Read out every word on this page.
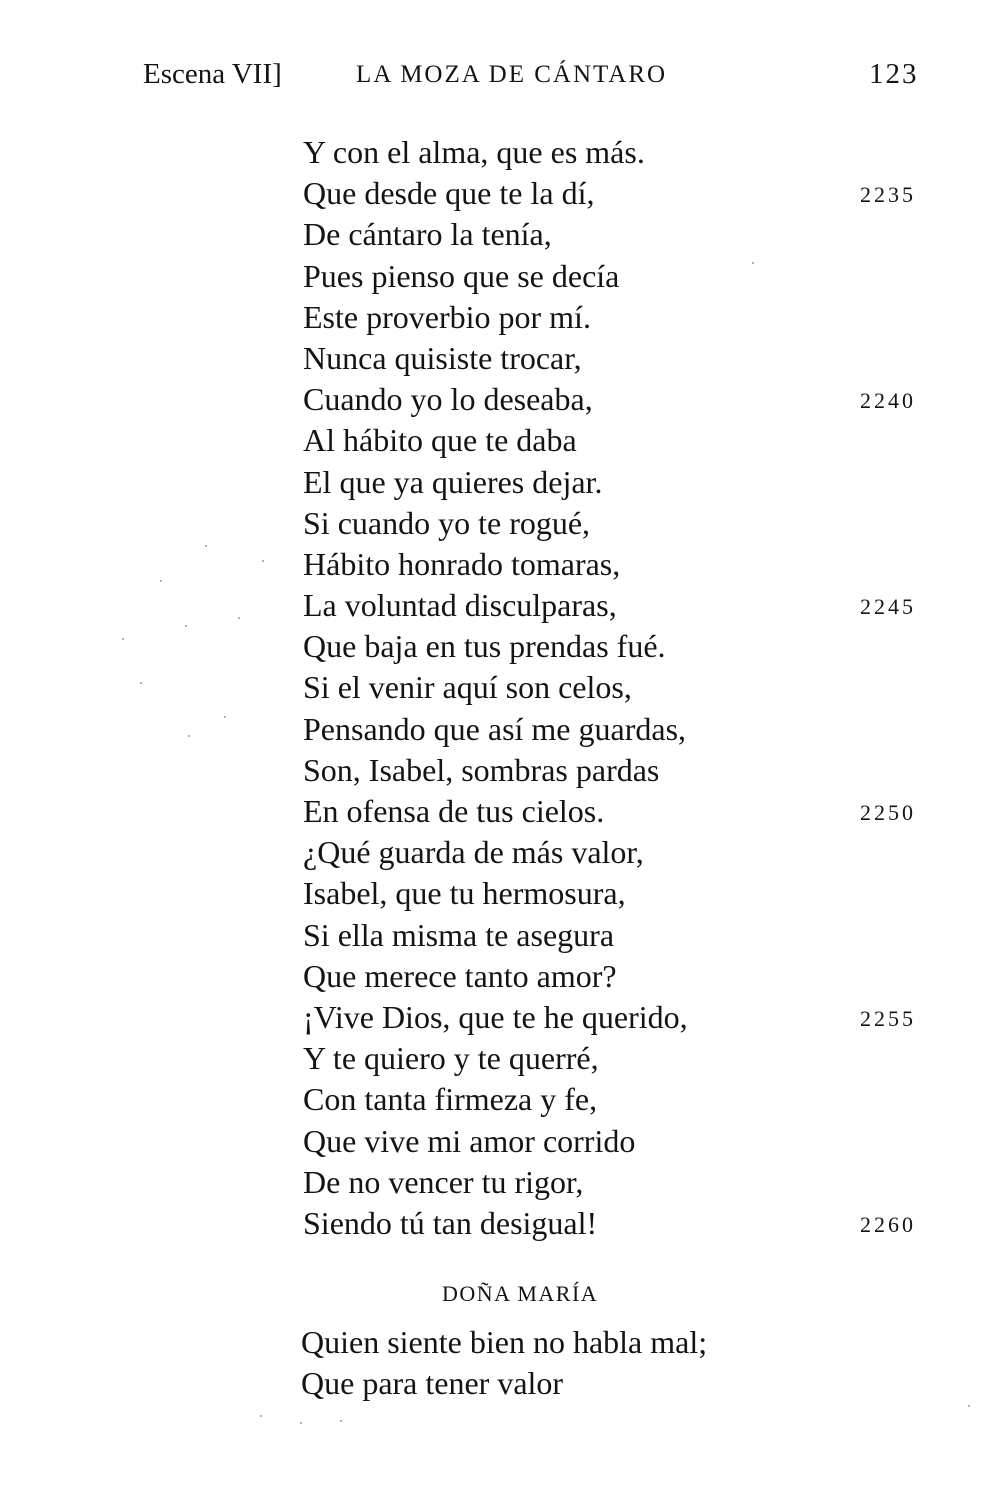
Escena VII]	LA MOZA DE CÁNTARO	123
Y con el alma, que es más.
Que desde que te la dí,	2235
De cántaro la tenía,
Pues pienso que se decía
Este proverbio por mí.
Nunca quisiste trocar,
Cuando yo lo deseaba,	2240
Al hábito que te daba
El que ya quieres dejar.
Si cuando yo te rogué,
Hábito honrado tomaras,
La voluntad disculparas,	2245
Que baja en tus prendas fué.
Si el venir aquí son celos,
Pensando que así me guardas,
Son, Isabel, sombras pardas
En ofensa de tus cielos.	2250
¿Qué guarda de más valor,
Isabel, que tu hermosura,
Si ella misma te asegura
Que merece tanto amor?
¡Vive Dios, que te he querido,	2255
Y te quiero y te querré,
Con tanta firmeza y fe,
Que vive mi amor corrido
De no vencer tu rigor,
Siendo tú tan desigual!	2260
DOÑA MARÍA
Quien siente bien no habla mal;
Que para tener valor
